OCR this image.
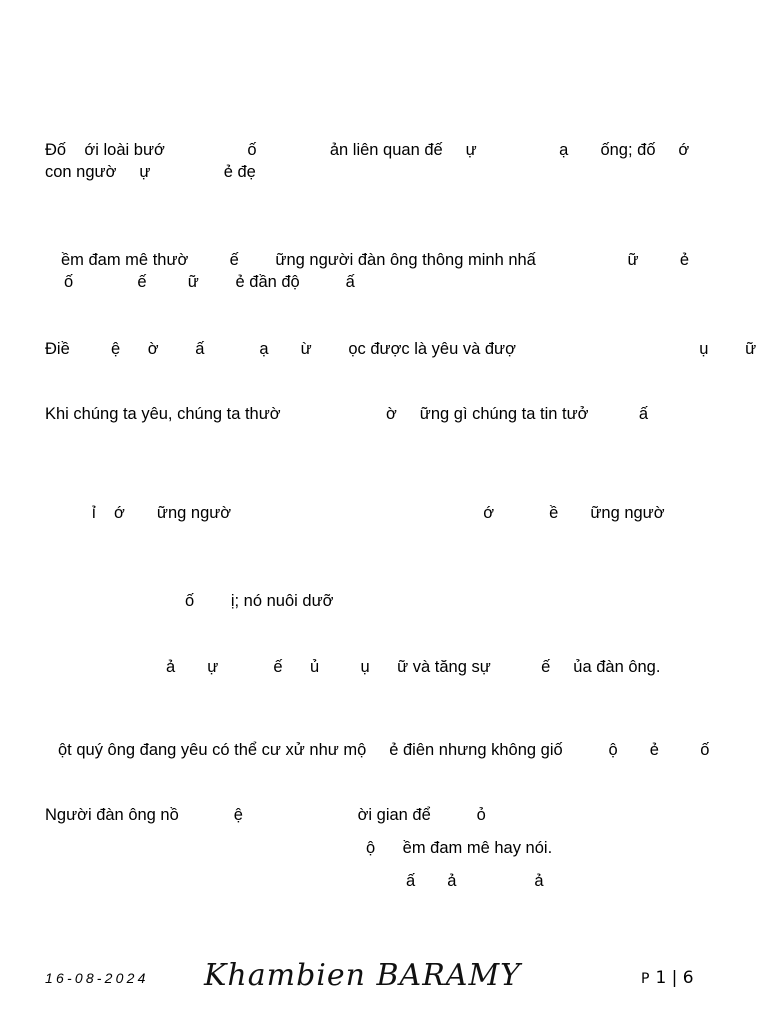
Đố    ới loài bướ                  ố                ản liên quan đế     ự                  ạ       ống; đố     ớ
con ngườ     ự                ẻ đẹ
ềm đam mê thườ         ế        ững người đàn ông thông minh nhấ                    ữ         ẻ
ố              ế         ữ        ẻ đần độ          ấ
Điề         ệ      ờ        ấ            ạ       ừ        ọc được là yêu và đượ                                        ụ        ữ
Khi chúng ta yêu, chúng ta thườ                       ờ     ững gì chúng ta tin tưở           ấ
ỉ    ớ       ững ngườ                                                       ớ            ề       ững ngườ
ố        ị; nó nuôi dưỡ
ả       ự            ế      ủ         ụ      ữ và tăng sự           ế     ủa đàn ông.
ột quý ông đang yêu có thể cư xử như mộ     ẻ điên nhưng không giố          ộ       ẻ         ố
Người đàn ông nồ            ệ                         ời gian để          ỏ
ộ      ềm đam mê hay nói.
ấ       ả                 ả
16-08-2024 Khambien BARAMY	P 1 | 6
